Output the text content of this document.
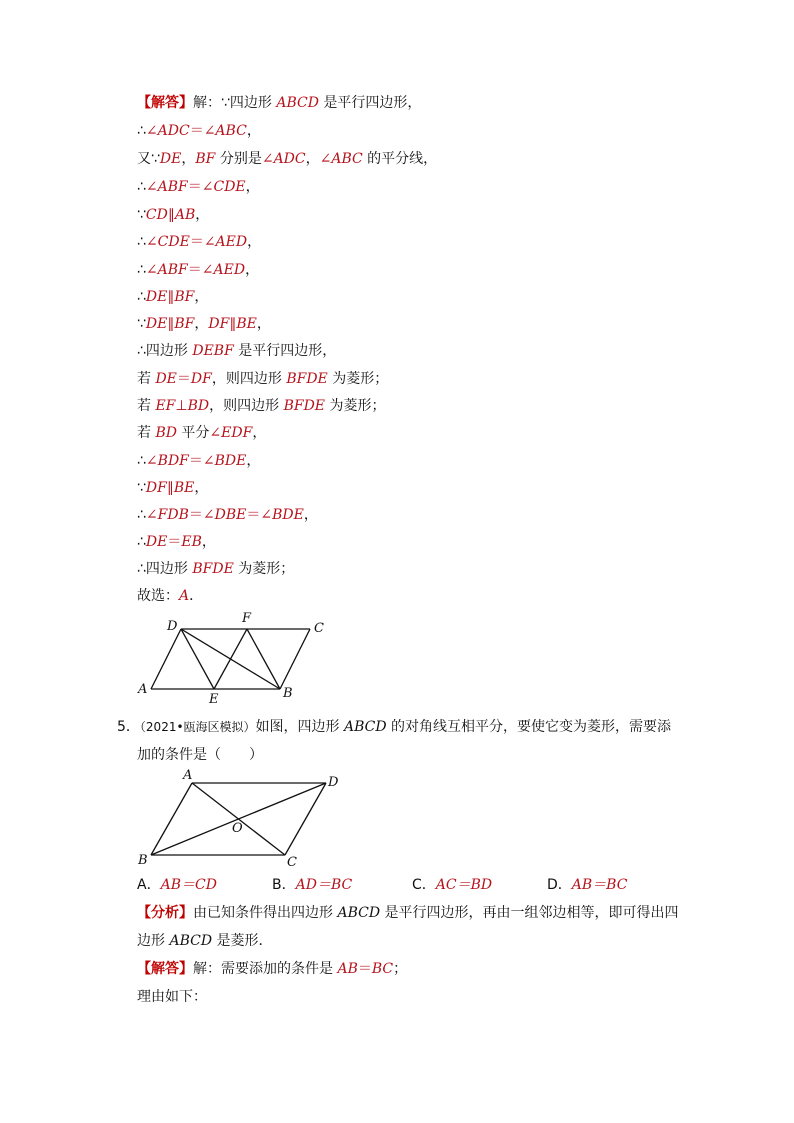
【解答】解：∵四边形 ABCD 是平行四边形，
∴∠ADC＝∠ABC，
又∵DE，BF 分别是∠ADC，∠ABC 的平分线，
∴∠ABF＝∠CDE，
∵CD∥AB，
∴∠CDE＝∠AED，
∴∠ABF＝∠AED，
∴DE∥BF，
∵DE∥BF，DF∥BE，
∴四边形 DEBF 是平行四边形，
若 DE＝DF，则四边形 BFDE 为菱形；
若 EF⊥BD，则四边形 BFDE 为菱形；
若 BD 平分∠EDF，
∴∠BDF＝∠BDE，
∵DF∥BE，
∴∠FDB＝∠DBE＝∠BDE，
∴DE＝EB，
∴四边形 BFDE 为菱形；
故选：A．
A	B
C
D
E
F
5．（2021•瓯海区模拟）如图，四边形 ABCD 的对角线互相平分，要使它变为菱形，需要添
加的条件是（　　）
A
B	C
D
O
A．AB＝CD	B．AD＝BC	C．AC＝BD	D．AB＝BC
【分析】由已知条件得出四边形 ABCD 是平行四边形，再由一组邻边相等，即可得出四
边形 ABCD 是菱形．
【解答】解：需要添加的条件是 AB＝BC；
理由如下：
